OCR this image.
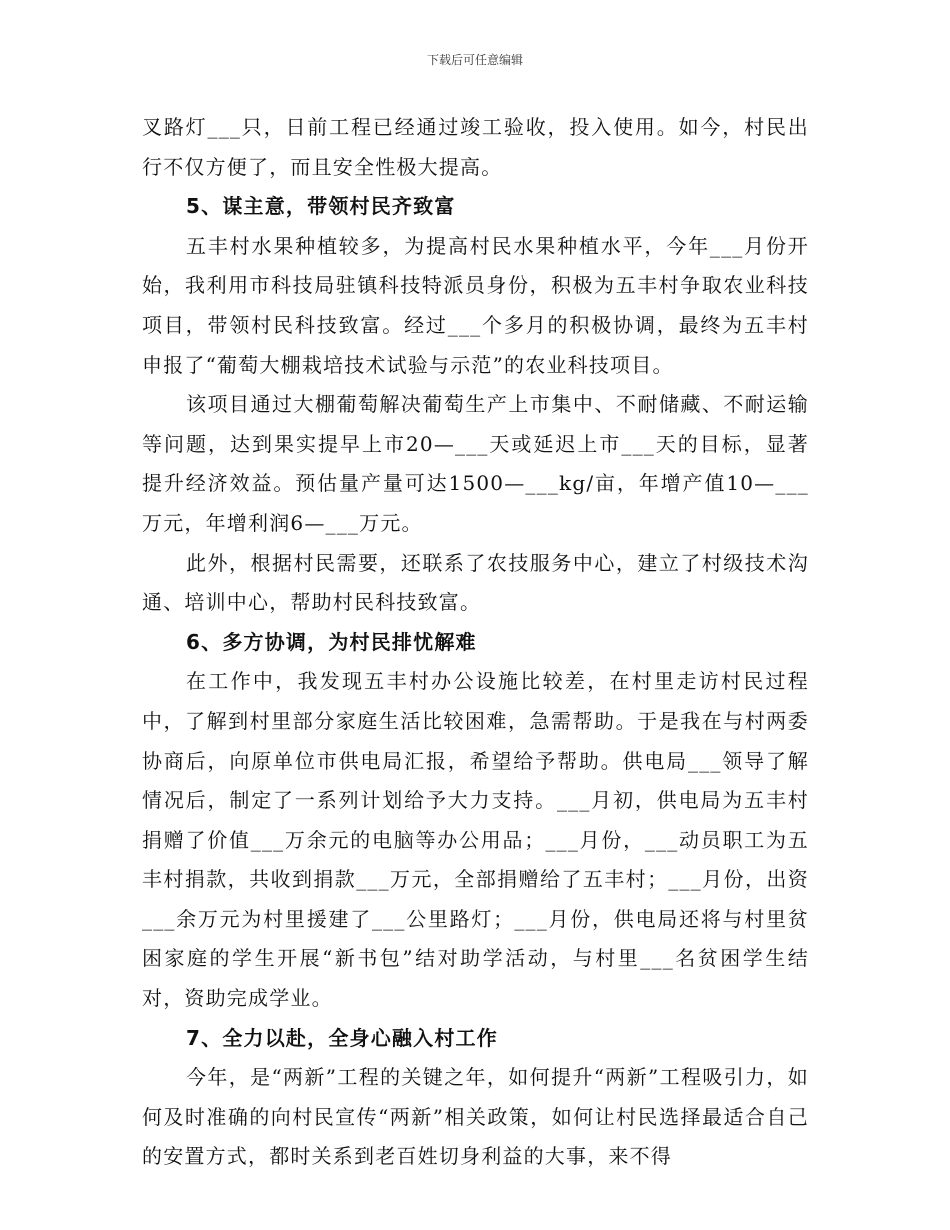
下载后可任意编辑

叉路灯___只，日前工程已经通过竣工验收，投入使用。如今，村民出行不仅方便了，而且安全性极大提高。

5、谋主意，带领村民齐致富

五丰村水果种植较多，为提高村民水果种植水平，今年___月份开始，我利用市科技局驻镇科技特派员身份，积极为五丰村争取农业科技项目，带领村民科技致富。经过___个多月的积极协调，最终为五丰村申报了“葡萄大棚栽培技术试验与示范”的农业科技项目。

该项目通过大棚葡萄解决葡萄生产上市集中、不耐储藏、不耐运输等问题，达到果实提早上市20—___天或延迟上市___天的目标，显著提升经济效益。预估量产量可达1500—___kg/亩，年增产值10—___万元，年增利润6—___万元。

此外，根据村民需要，还联系了农技服务中心，建立了村级技术沟通、培训中心，帮助村民科技致富。

6、多方协调，为村民排忧解难

在工作中，我发现五丰村办公设施比较差，在村里走访村民过程中，了解到村里部分家庭生活比较困难，急需帮助。于是我在与村两委协商后，向原单位市供电局汇报，希望给予帮助。供电局___领导了解情况后，制定了一系列计划给予大力支持。___月初，供电局为五丰村捐赠了价值___万余元的电脑等办公用品；___月份，___动员职工为五丰村捐款，共收到捐款___万元，全部捐赠给了五丰村；___月份，出资___余万元为村里援建了___公里路灯；___月份，供电局还将与村里贫困家庭的学生开展“新书包”结对助学活动，与村里___名贫困学生结对，资助完成学业。

7、全力以赴，全身心融入村工作

今年，是“两新”工程的关键之年，如何提升“两新”工程吸引力，如何及时准确的向村民宣传“两新”相关政策，如何让村民选择最适合自己的安置方式，都时关系到老百姓切身利益的大事，来不得
